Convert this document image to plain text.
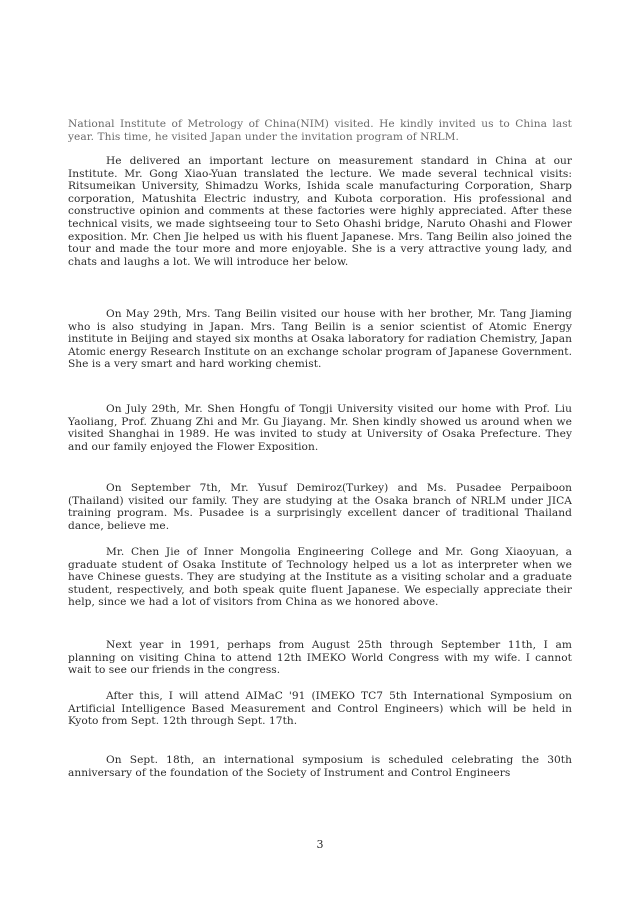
National Institute of Metrology of China(NIM) visited. He kindly invited us to China last year. This time, he visited Japan under the invitation program of NRLM.

He delivered an important lecture on measurement standard in China at our Institute. Mr. Gong Xiao-Yuan translated the lecture. We made several technical visits: Ritsumeikan University, Shimadzu Works, Ishida scale manufacturing Corporation, Sharp corporation, Matushita Electric industry, and Kubota corporation. His professional and constructive opinion and comments at these factories were highly appreciated. After these technical visits, we made sightseeing tour to Seto Ohashi bridge, Naruto Ohashi and Flower exposition. Mr. Chen Jie helped us with his fluent Japanese. Mrs. Tang Beilin also joined the tour and made the tour more and more enjoyable. She is a very attractive young lady, and chats and laughs a lot. We will introduce her below.

On May 29th, Mrs. Tang Beilin visited our house with her brother, Mr. Tang Jiaming who is also studying in Japan. Mrs. Tang Beilin is a senior scientist of Atomic Energy institute in Beijing and stayed six months at Osaka laboratory for radiation Chemistry, Japan Atomic energy Research Institute on an exchange scholar program of Japanese Government. She is a very smart and hard working chemist.

On July 29th, Mr. Shen Hongfu of Tongji University visited our home with Prof. Liu Yaoliang, Prof. Zhuang Zhi and Mr. Gu Jiayang. Mr. Shen kindly showed us around when we visited Shanghai in 1989. He was invited to study at University of Osaka Prefecture. They and our family enjoyed the Flower Exposition.

On September 7th, Mr. Yusuf Demiroz(Turkey) and Ms. Pusadee Perpaiboon (Thailand) visited our family. They are studying at the Osaka branch of NRLM under JICA training program. Ms. Pusadee is a surprisingly excellent dancer of traditional Thailand dance, believe me.

Mr. Chen Jie of Inner Mongolia Engineering College and Mr. Gong Xiaoyuan, a graduate student of Osaka Institute of Technology helped us a lot as interpreter when we have Chinese guests. They are studying at the Institute as a visiting scholar and a graduate student, respectively, and both speak quite fluent Japanese. We especially appreciate their help, since we had a lot of visitors from China as we honored above.

Next year in 1991, perhaps from August 25th through September 11th, I am planning on visiting China to attend 12th IMEKO World Congress with my wife. I cannot wait to see our friends in the congress.

After this, I will attend AIMaC '91 (IMEKO TC7 5th International Symposium on Artificial Intelligence Based Measurement and Control Engineers) which will be held in Kyoto from Sept. 12th through Sept. 17th.

On Sept. 18th, an international symposium is scheduled celebrating the 30th anniversary of the foundation of the Society of Instrument and Control Engineers

3
